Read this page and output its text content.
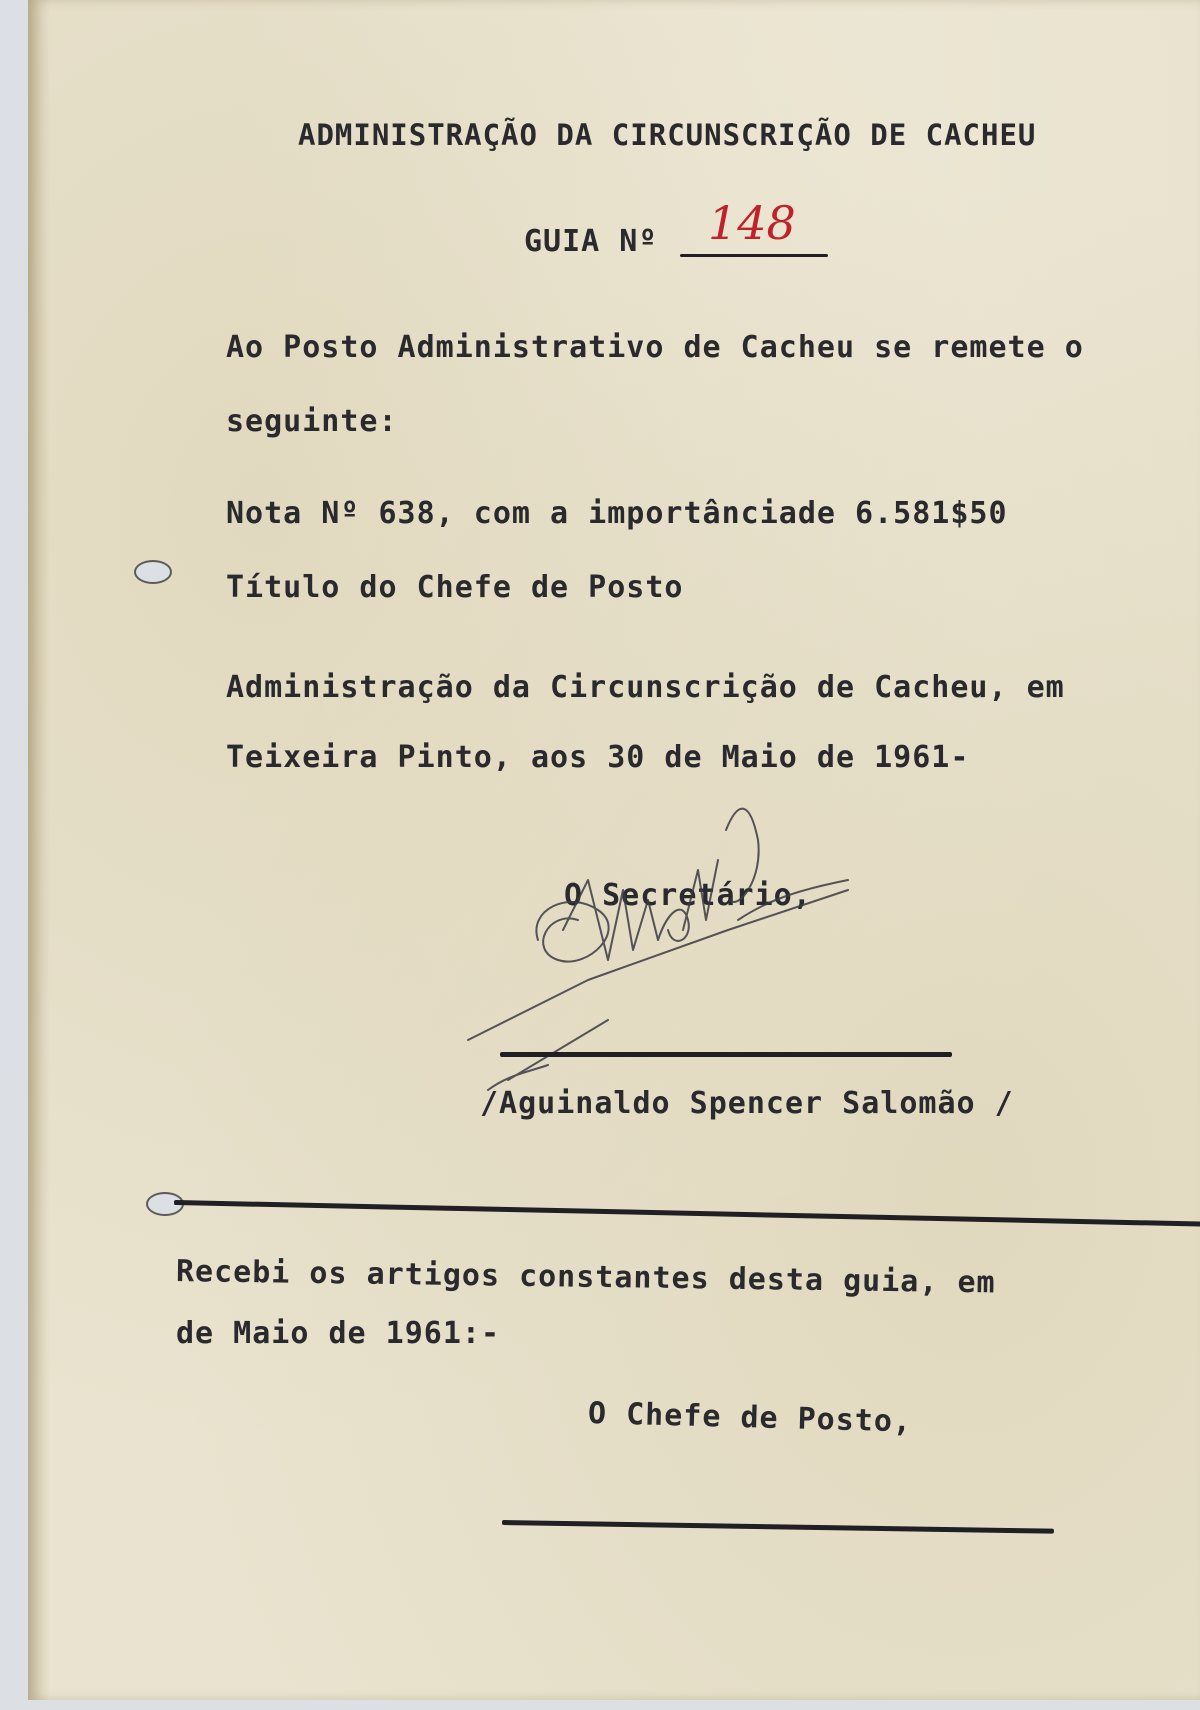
ADMINISTRAÇÃO DA CIRCUNSCRIÇÃO DE CACHEU
GUIA Nº 148
Ao Posto Administrativo de Cacheu se remete o
seguinte:
Nota Nº 638, com a importânciade 6.581$50
Título do Chefe de Posto
Administração da Circunscrição de Cacheu, em
Teixeira Pinto, aos 30 de Maio de 1961-
O Secretário,
/Aguinaldo Spencer Salomão /
Recebi os artigos constantes desta guia, em
de Maio de 1961:-
O Chefe de Posto,
